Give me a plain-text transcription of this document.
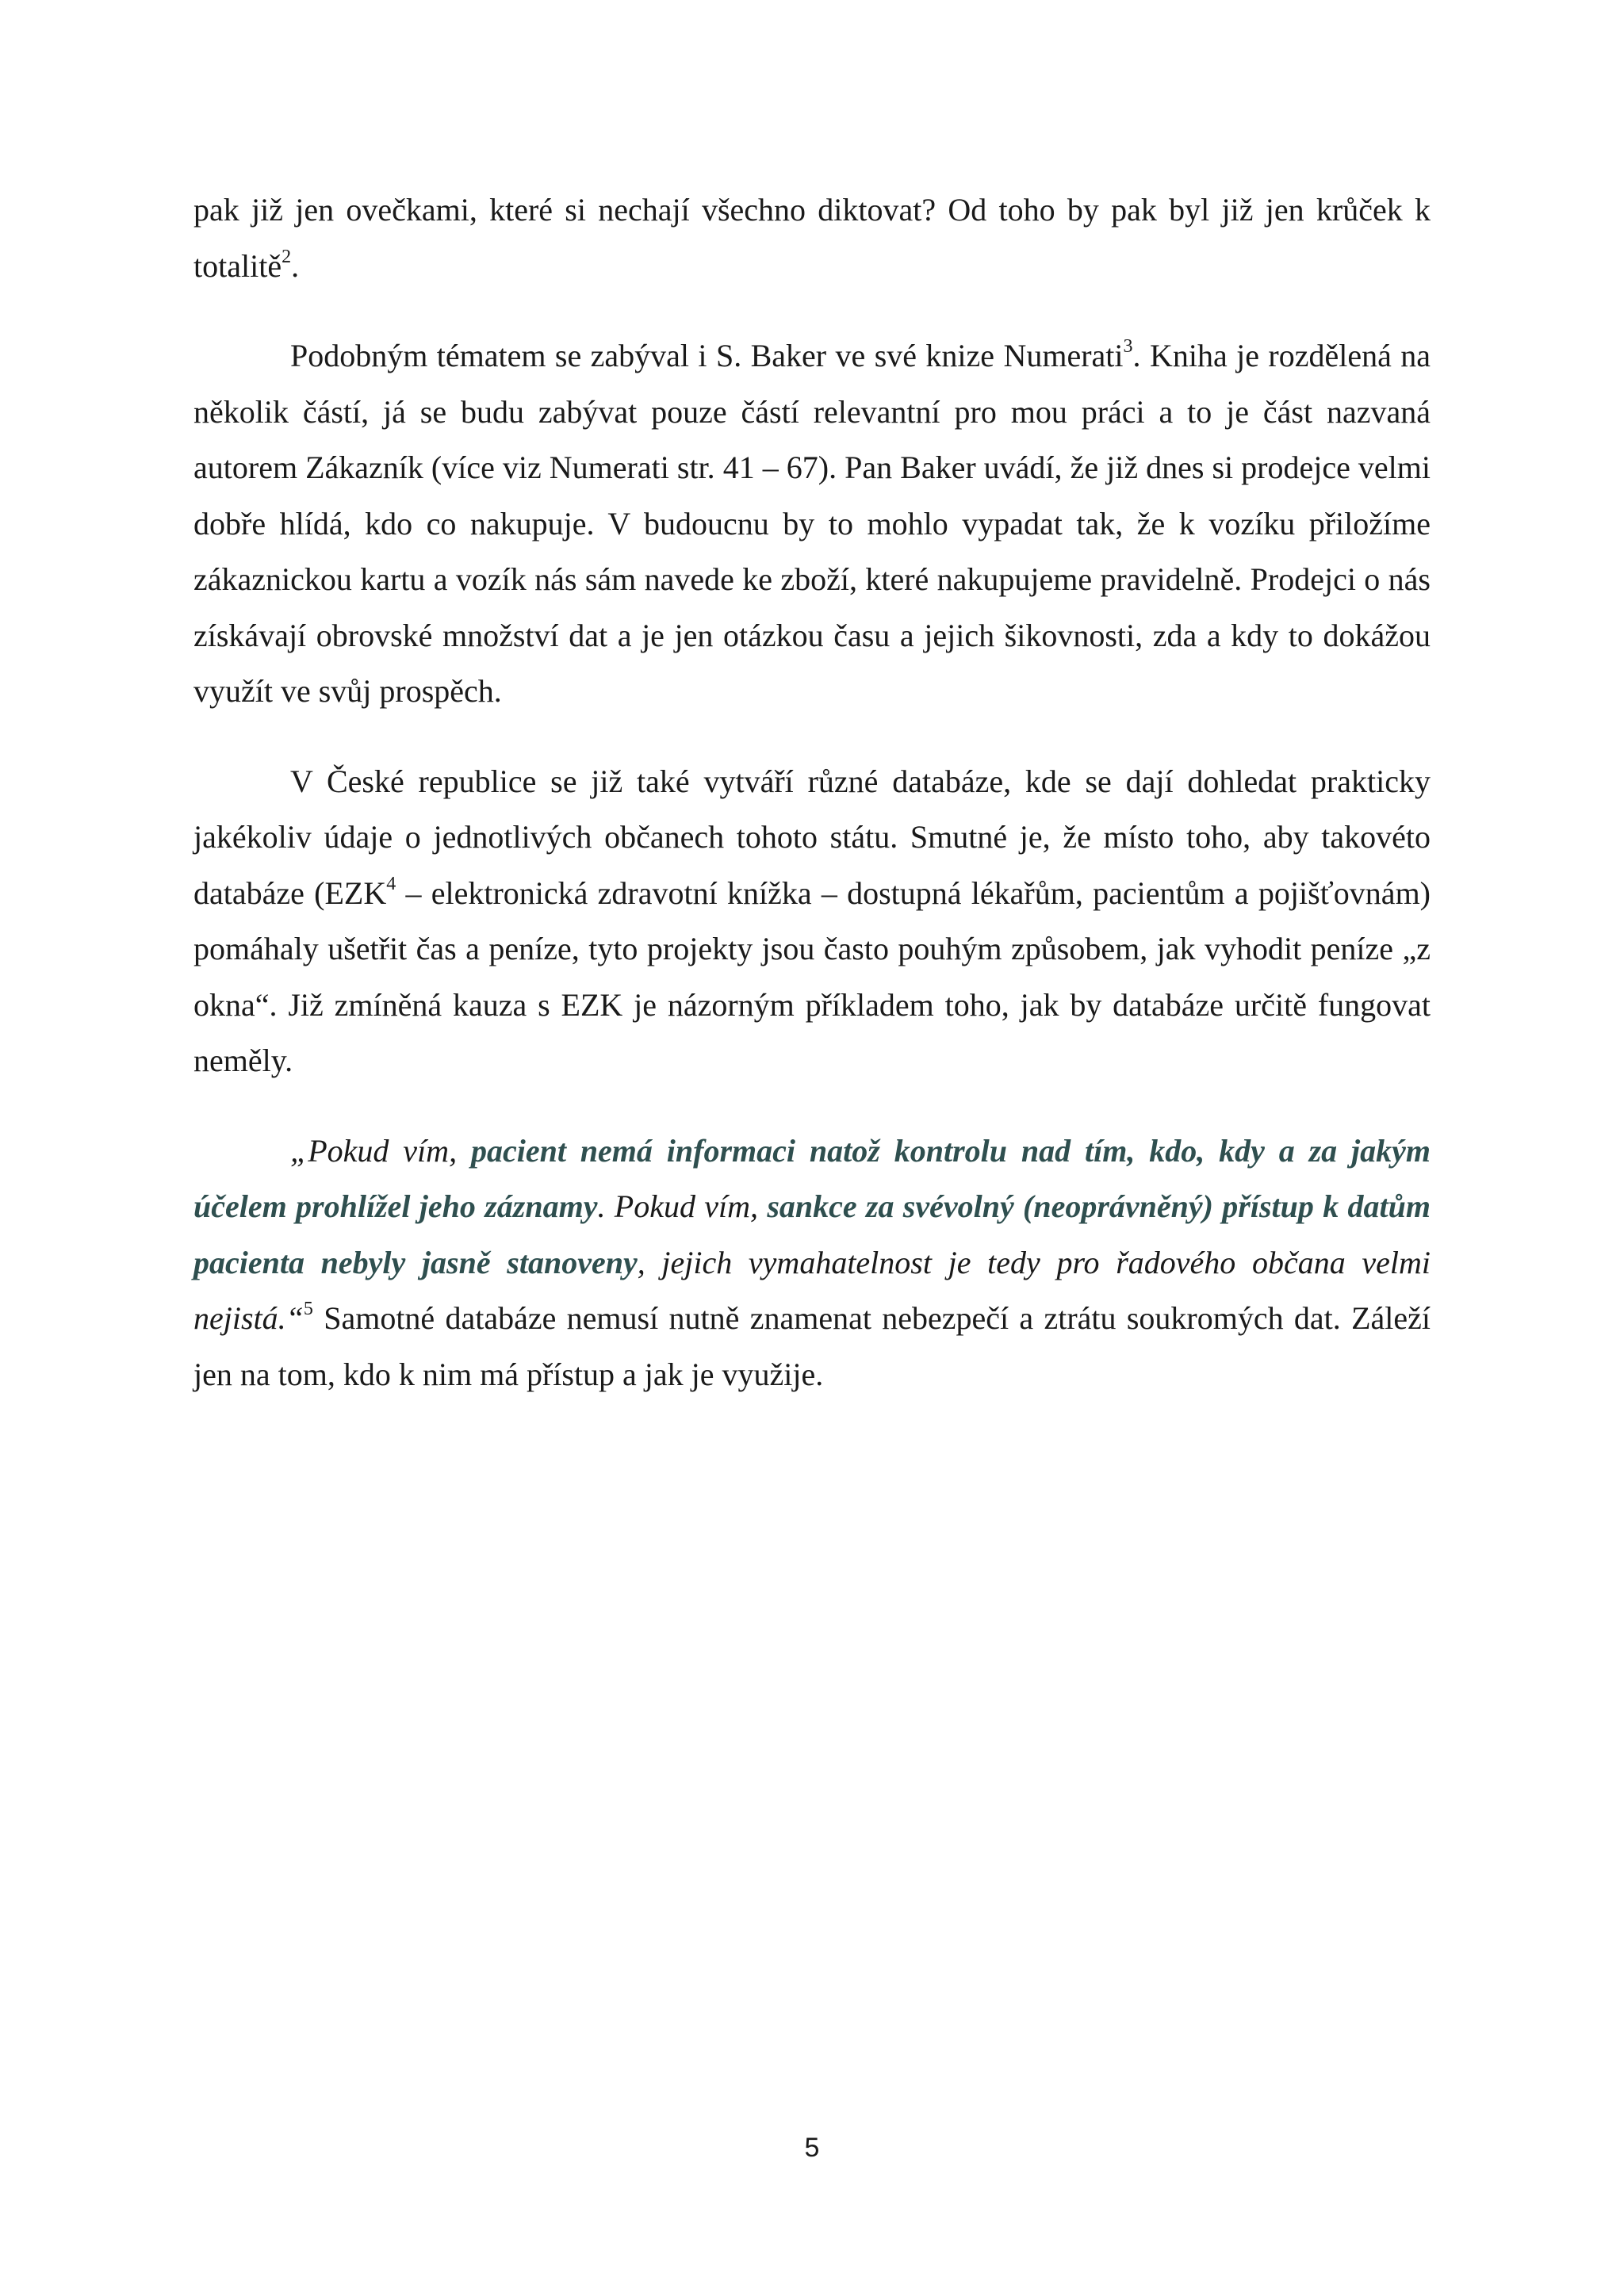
pak již jen ovečkami, které si nechají všechno diktovat? Od toho by pak byl již jen krůček k totalitě$^2$.

Podobným tématem se zabýval i S. Baker ve své knize Numerati$^3$. Kniha je rozdělená na několik částí, já se budu zabývat pouze částí relevantní pro mou práci a to je část nazvaná autorem Zákazník (více viz Numerati str. 41 – 67). Pan Baker uvádí, že již dnes si prodejce velmi dobře hlídá, kdo co nakupuje. V budoucnu by to mohlo vypadat tak, že k vozíku přiložíme zákaznickou kartu a vozík nás sám navede ke zboží, které nakupujeme pravidelně. Prodejci o nás získávají obrovské množství dat a je jen otázkou času a jejich šikovnosti, zda a kdy to dokážou využít ve svůj prospěch.

V České republice se již také vytváří různé databáze, kde se dají dohledat prakticky jakékoliv údaje o jednotlivých občanech tohoto státu. Smutné je, že místo toho, aby takovéto databáze (EZK$^4$ – elektronická zdravotní knížka – dostupná lékařům, pacientům a pojišťovnám) pomáhaly ušetřit čas a peníze, tyto projekty jsou často pouhým způsobem, jak vyhodit peníze „z okna“. Již zmíněná kauza s EZK je názorným příkladem toho, jak by databáze určitě fungovat neměly.

„Pokud vím, pacient nemá informaci natož kontrolu nad tím, kdo, kdy a za jakým účelem prohlížel jeho záznamy. Pokud vím, sankce za svévolný (neoprávněný) přístup k datům pacienta nebyly jasně stanoveny, jejich vymahatelnost je tedy pro řadového občana velmi nejistá.“$^5$ Samotné databáze nemusí nutně znamenat nebezpečí a ztrátu soukromých dat. Záleží jen na tom, kdo k nim má přístup a jak je využije.

5
